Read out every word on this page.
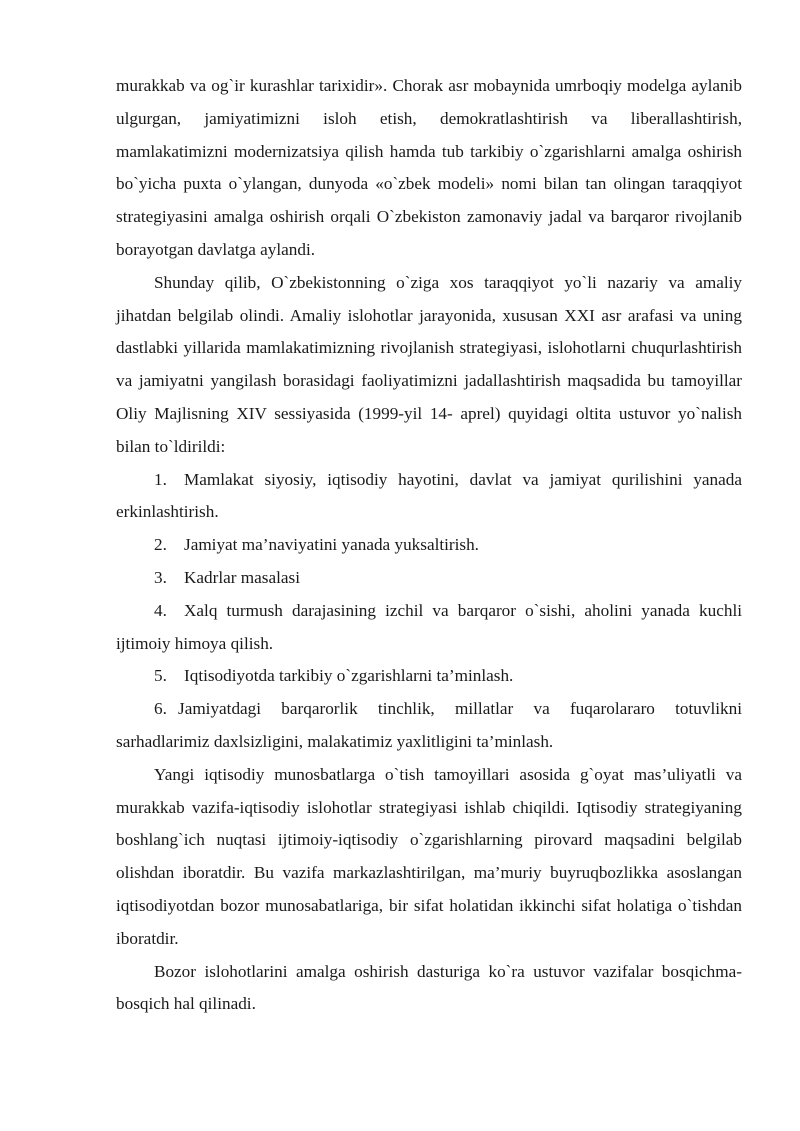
murakkab va og`ir kurashlar tarixidir». Chorak asr mobaynida umrboqiy modelga aylanib ulgurgan, jamiyatimizni isloh etish, demokratlashtirish va liberallashtirish, mamlakatimizni modernizatsiya qilish hamda tub tarkibiy o`zgarishlarni amalga oshirish bo`yicha puxta o`ylangan, dunyoda «o`zbek modeli» nomi bilan tan olingan taraqqiyot strategiyasini amalga oshirish orqali O`zbekiston zamonaviy jadal va barqaror rivojlanib borayotgan davlatga aylandi.

Shunday qilib, O`zbekistonning o`ziga xos taraqqiyot yo`li nazariy va amaliy jihatdan belgilab olindi. Amaliy islohotlar jarayonida, xususan XXI asr arafasi va uning dastlabki yillarida mamlakatimizning rivojlanish strategiyasi, islohotlarni chuqurlashtirish va jamiyatni yangilash borasidagi faoliyatimizni jadallashtirish maqsadida bu tamoyillar Oliy Majlisning XIV sessiyasida (1999-yil 14- aprel) quyidagi oltita ustuvor yo`nalish bilan to`ldirildi:

1. Mamlakat siyosiy, iqtisodiy hayotini, davlat va jamiyat qurilishini yanada erkinlashtirish.

2. Jamiyat ma’naviyatini yanada yuksaltirish.

3. Kadrlar masalasi

4. Xalq turmush darajasining izchil va barqaror o`sishi, aholini yanada kuchli ijtimoiy himoya qilish.

5. Iqtisodiyotda tarkibiy o`zgarishlarni ta’minlash.

6. Jamiyatdagi barqarorlik tinchlik, millatlar va fuqarolararo totuvlikni sarhadlarimiz daxlsizligini, malakatimiz yaxlitligini ta’minlash.

Yangi iqtisodiy munosbatlarga o`tish tamoyillari asosida g`oyat mas’uliyatli va murakkab vazifa-iqtisodiy islohotlar strategiyasi ishlab chiqildi. Iqtisodiy strategiyaning boshlang`ich nuqtasi ijtimoiy-iqtisodiy o`zgarishlarning pirovard maqsadini belgilab olishdan iboratdir. Bu vazifa markazlashtirilgan, ma’muriy buyruqbozlikka asoslangan iqtisodiyotdan bozor munosabatlariga, bir sifat holatidan ikkinchi sifat holatiga o`tishdan iboratdir.

Bozor islohotlarini amalga oshirish dasturiga ko`ra ustuvor vazifalar bosqichma-bosqich hal qilinadi.
